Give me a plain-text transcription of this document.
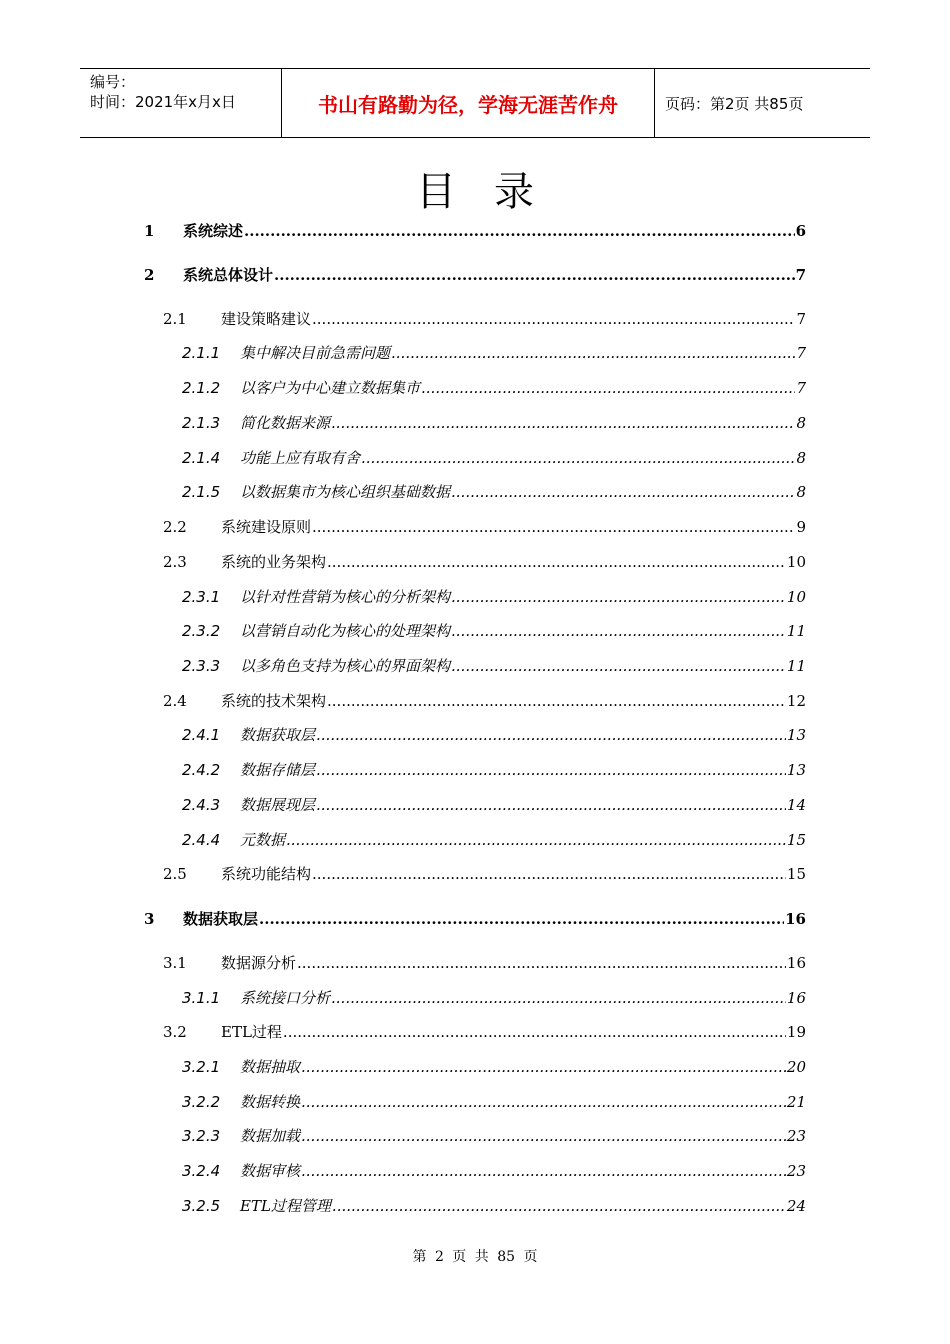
编号：
时间：2021年x月x日	书山有路勤为径，学海无涯苦作舟	页码：第2页 共85页
目录
1	系统综述 .....	6
2	系统总体设计 .....	7
2.1	建设策略建议 .....	7
2.1.1	集中解决目前急需问题 .....	7
2.1.2	以客户为中心建立数据集市 .....	7
2.1.3	简化数据来源 .....	8
2.1.4	功能上应有取有舍 .....	8
2.1.5	以数据集市为核心组织基础数据 .....	8
2.2	系统建设原则 .....	9
2.3	系统的业务架构 .....	10
2.3.1	以针对性营销为核心的分析架构 .....	10
2.3.2	以营销自动化为核心的处理架构 .....	11
2.3.3	以多角色支持为核心的界面架构 .....	11
2.4	系统的技术架构 .....	12
2.4.1	数据获取层 .....	13
2.4.2	数据存储层 .....	13
2.4.3	数据展现层 .....	14
2.4.4	元数据 .....	15
2.5	系统功能结构 .....	15
3	数据获取层 .....	16
3.1	数据源分析 .....	16
3.1.1	系统接口分析 .....	16
3.2	ETL过程 .....	19
3.2.1	数据抽取 .....	20
3.2.2	数据转换 .....	21
3.2.3	数据加载 .....	23
3.2.4	数据审核 .....	23
3.2.5	ETL过程管理 .....	24
第 2 页 共 85 页
